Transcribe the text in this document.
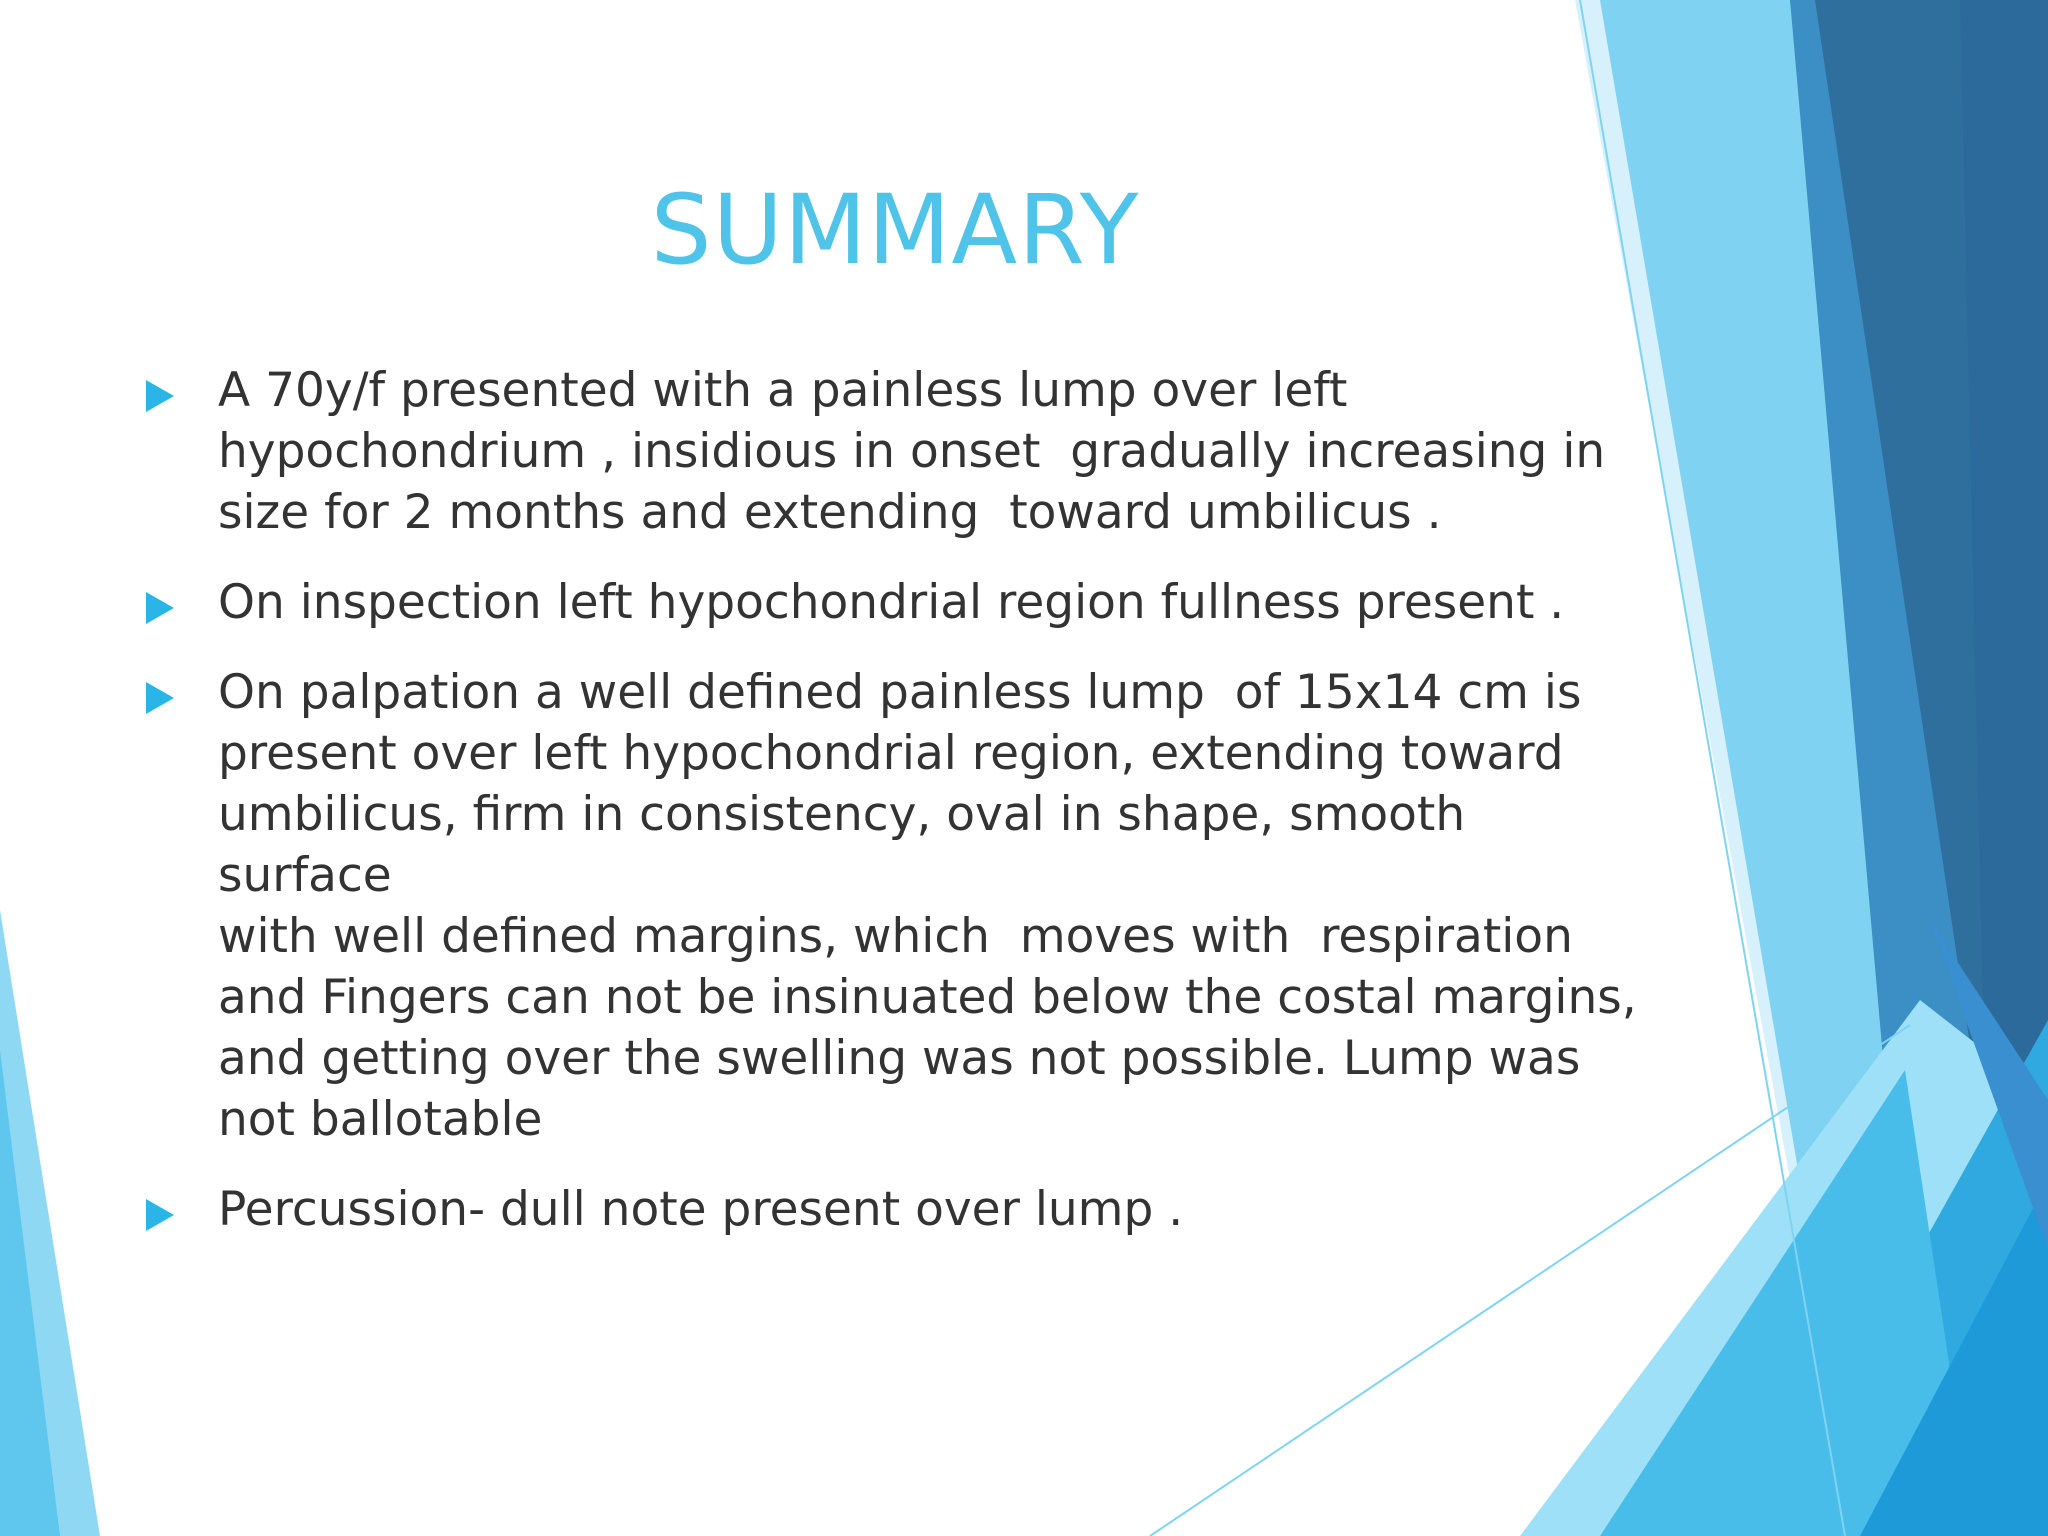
SUMMARY
A 70y/f presented with a painless lump over left
hypochondrium , insidious in onset  gradually increasing in
size for 2 months and extending  toward umbilicus .
On inspection left hypochondrial region fullness present .
On palpation a well defined painless lump  of 15x14 cm is
present over left hypochondrial region, extending toward
umbilicus, firm in consistency, oval in shape, smooth surface
with well defined margins, which  moves with  respiration
and Fingers can not be insinuated below the costal margins,
and getting over the swelling was not possible. Lump was
not ballotable
Percussion- dull note present over lump .
